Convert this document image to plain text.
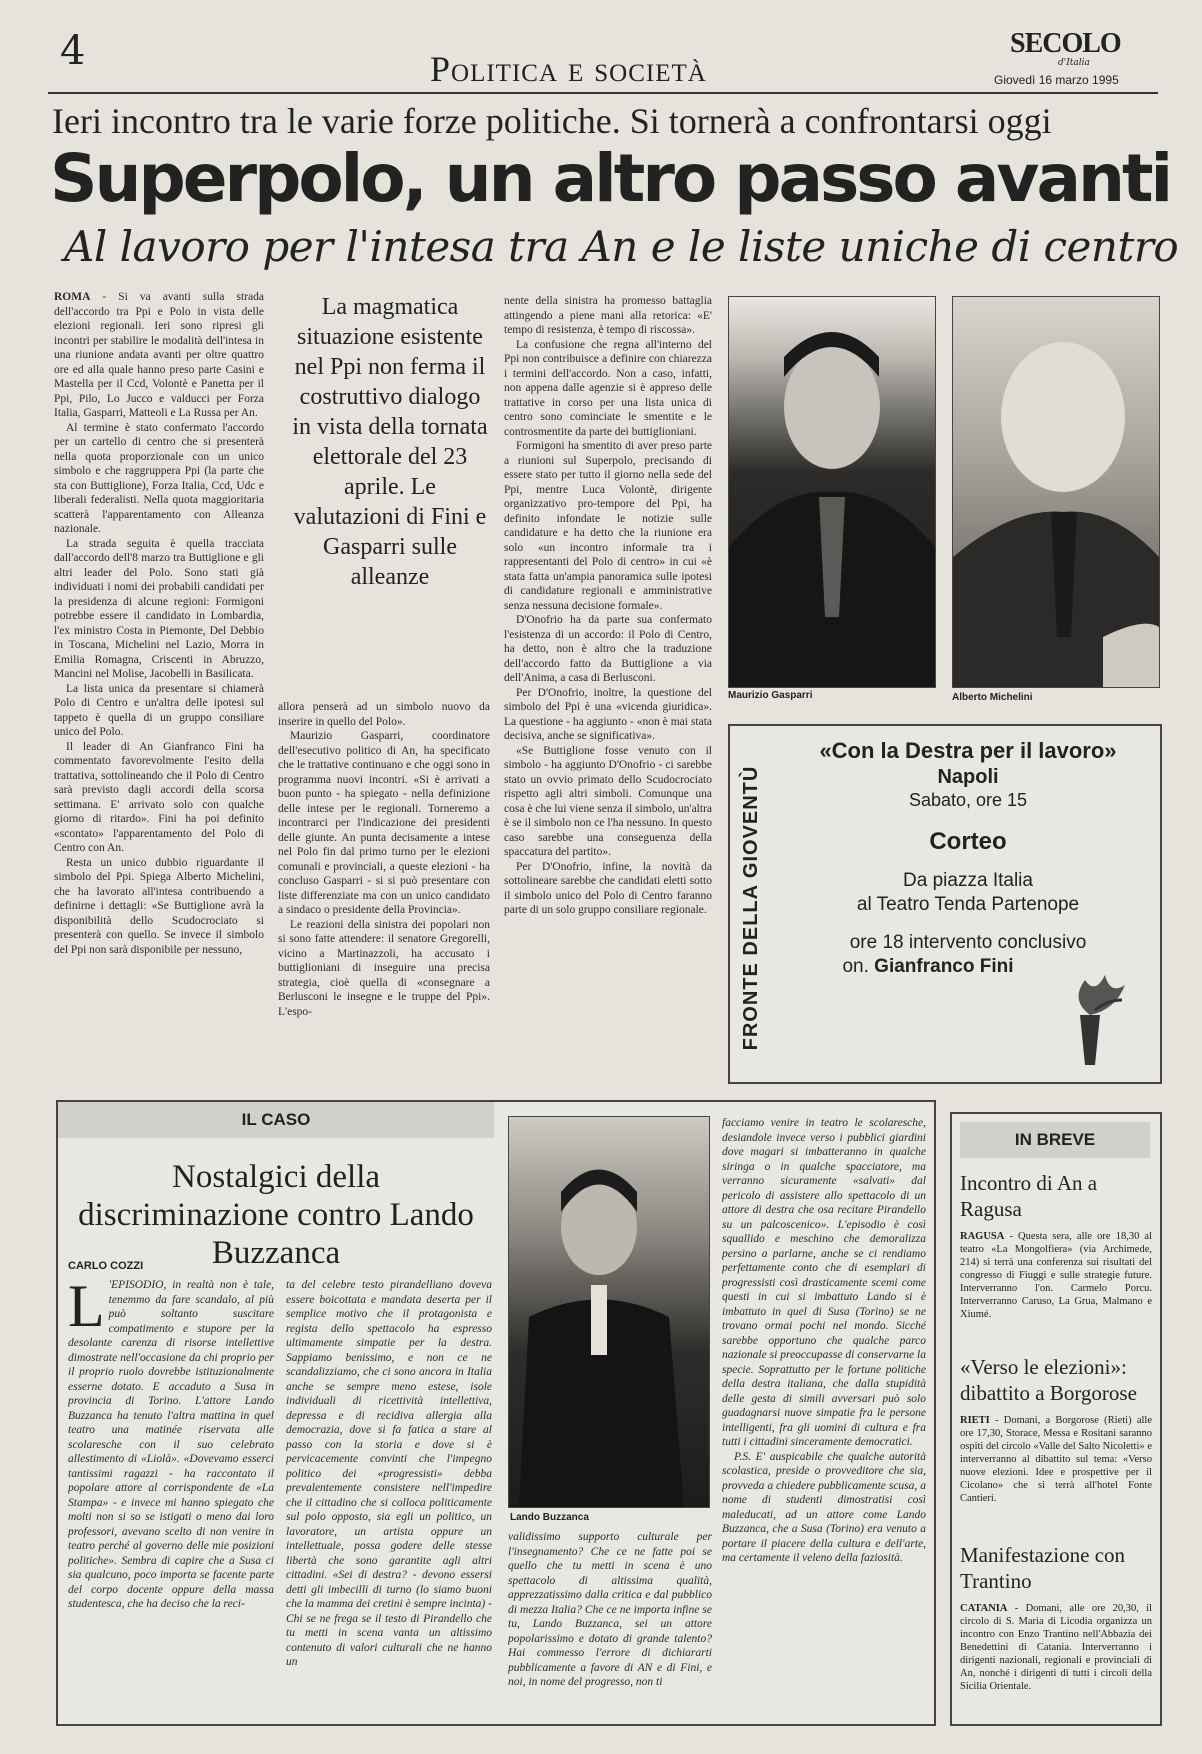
4	Politica e società
SECOLO
d'Italia
Giovedì 16 marzo 1995
Ieri incontro tra le varie forze politiche. Si tornerà a confrontarsi oggi
Superpolo, un altro passo avanti
Al lavoro per l'intesa tra An e le liste uniche di centro

ROMA - Si va avanti sulla strada dell'accordo tra Ppi e Polo in vista delle elezioni regionali. Ieri sono ripresi gli incontri per stabilire le modalità dell'intesa in una riunione andata avanti per oltre quattro ore ed alla quale hanno preso parte Casini e Mastella per il Ccd, Volontè e Panetta per il Ppi, Pilo, Lo Jucco e valducci per Forza Italia, Gasparri, Matteoli e La Russa per An.

Al termine è stato confermato l'accordo per un cartello di centro che si presenterà nella quota proporzionale con un unico simbolo e che raggruppera Ppi (la parte che sta con Buttiglione), Forza Italia, Ccd, Udc e liberali federalisti. Nella quota maggioritaria scatterà l'apparentamento con Alleanza nazionale.

La strada seguita è quella tracciata dall'accordo dell'8 marzo tra Buttiglione e gli altri leader del Polo. Sono stati già individuati i nomi dei probabili candidati per la presidenza di alcune regioni: Formigoni potrebbe essere il candidato in Lombardia, l'ex ministro Costa in Piemonte, Del Debbio in Toscana, Michelini nel Lazio, Morra in Emilia Romagna, Criscenti in Abruzzo, Mancini nel Molise, Jacobelli in Basilicata.

La lista unica da presentare si chiamerà Polo di Centro e un'altra delle ipotesi sul tappeto è quella di un gruppo consiliare unico del Polo.

Il leader di An Gianfranco Fini ha commentato favorevolmente l'esito della trattativa, sottolineando che il Polo di Centro sarà previsto dagli accordi della scorsa settimana. E' arrivato solo con qualche giorno di ritardo». Fini ha poi definito «scontato» l'apparentamento del Polo di Centro con An.

Resta un unico dubbio riguardante il simbolo del Ppi. Spiega Alberto Michelini, che ha lavorato all'intesa contribuendo a definirne i dettagli: «Se Buttiglione avrà la disponibilità dello Scudocrociato si presenterà con quello. Se invece il simbolo del Ppi non sarà disponibile per nessuno,

La magmatica situazione esistente nel Ppi non ferma il costruttivo dialogo in vista della tornata elettorale del 23 aprile. Le valutazioni di Fini e Gasparri sulle alleanze

allora penserà ad un simbolo nuovo da inserire in quello del Polo».

Maurizio Gasparri, coordinatore dell'esecutivo politico di An, ha specificato che le trattative continuano e che oggi sono in programma nuovi incontri. «Si è arrivati a buon punto - ha spiegato - nella definizione delle intese per le regionali. Torneremo a incontrarci per l'indicazione dei presidenti delle giunte. An punta decisamente a intese nel Polo fin dal primo turno per le elezioni comunali e provinciali, a queste elezioni - ha concluso Gasparri - si si può presentare con liste differenziate ma con un unico candidato a sindaco o presidente della Provincia».

Le reazioni della sinistra dei popolari non si sono fatte attendere: il senatore Gregorelli, vicino a Martinazzoli, ha accusato i buttiglioniani di inseguire una precisa strategia, cioè quella di «consegnare a Berlusconi le insegne e le truppe del Ppi». L'espo-

nente della sinistra ha promesso battaglia attingendo a piene mani alla retorica: «E' tempo di resistenza, è tempo di riscossa».

La confusione che regna all'interno del Ppi non contribuisce a definire con chiarezza i termini dell'accordo. Non a caso, infatti, non appena dalle agenzie si è appreso delle trattative in corso per una lista unica di centro sono cominciate le smentite e le controsmentite da parte dei buttiglioniani.

Formigoni ha smentito di aver preso parte a riunioni sul Superpolo, precisando di essere stato per tutto il giorno nella sede del Ppi, mentre Luca Volontè, dirigente organizzativo pro-tempore del Ppi, ha definito infondate le notizie sulle candidature e ha detto che la riunione era solo «un incontro informale tra i rappresentanti del Polo di centro» in cui «è stata fatta un'ampia panoramica sulle ipotesi di candidature regionali e amministrative senza nessuna decisione formale».

D'Onofrio ha da parte sua confermato l'esistenza di un accordo: il Polo di Centro, ha detto, non è altro che la traduzione dell'accordo fatto da Buttiglione a via dell'Anima, a casa di Berlusconi.

Per D'Onofrio, inoltre, la questione del simbolo del Ppi è una «vicenda giuridica». La questione - ha aggiunto - «non è mai stata decisiva, anche se significativa».

«Se Buttiglione fosse venuto con il simbolo - ha aggiunto D'Onofrio - ci sarebbe stato un ovvio primato dello Scudocrociato rispetto agli altri simboli. Comunque una cosa è che lui viene senza il simbolo, un'altra è se il simbolo non ce l'ha nessuno. In questo caso sarebbe una conseguenza della spaccatura del partito».

Per D'Onofrio, infine, la novità da sottolineare sarebbe che candidati eletti sotto il simbolo unico del Polo di Centro faranno parte di un solo gruppo consiliare regionale.

Maurizio Gasparri	Alberto Michelini
FRONTE DELLA GIOVENTÙ
«Con la Destra per il lavoro»
Napoli
Sabato, ore 15
Corteo
Da piazza Italia
al Teatro Tenda Partenope
ore 18 intervento conclusivo
on. Gianfranco Fini
IL CASO
Nostalgici della discriminazione contro Lando Buzzanca
CARLO COZZI
L 'EPISODIO, in realtà non è tale, tenemmo da fare scandalo, al più può soltanto suscitare compatimento e stupore per la desolante carenza di risorse intellettive dimostrate nell'occasione da chi proprio per il proprio ruolo dovrebbe istituzionalmente esserne dotato. E accaduto a Susa in provincia di Torino. L'attore Lando Buzzanca ha tenuto l'altra mattina in quel teatro una matinée riservata alle scolaresche con il suo celebrato allestimento di «Liolà». «Dovevamo esserci tantissimi ragazzi - ha raccontato il popolare attore al corrispondente de «La Stampa» - e invece mi hanno spiegato che molti non si so se istigati o meno dai loro professori, avevano scelto di non venire in teatro perché al governo delle mie posizioni politiche». Sembra di capire che a Susa ci sia qualcuno, poco importa se facente parte del corpo docente oppure della massa studentesca, che ha deciso che la reci-
ta del celebre testo pirandelliano doveva essere boicottata e mandata deserta per il semplice motivo che il protagonista e regista dello spettacolo ha espresso ultimamente simpatie per la destra. Sappiamo benissimo, e non ce ne scandalizziamo, che ci sono ancora in Italia anche se sempre meno estese, isole individuali di ricettività intellettiva, depressa e di recidiva allergia alla democrazia, dove si fa fatica a stare al passo con la storia e dove si è pervicacemente convinti che l'impegno politico dei «progressisti» debba prevalentemente consistere nell'impedire che il cittadino che si colloca politicamente sul polo opposto, sia egli un politico, un lavoratore, un artista oppure un intellettuale, possa godere delle stesse libertà che sono garantite agli altri cittadini. «Sei di destra? - devono essersi detti gli imbecilli di turno (lo siamo buoni che la mamma dei cretini è sempre incinta) - Chi se ne frega se il testo di Pirandello che tu metti in scena vanta un altissimo contenuto di valori culturali che ne hanno un
Lando Buzzanca
validissimo supporto culturale per l'insegnamento? Che ce ne fatte poi se quello che tu metti in scena è uno spettacolo di altissima qualità, apprezzatissimo dalla critica e dal pubblico di mezza Italia? Che ce ne importa infine se tu, Lando Buzzanca, sei un attore popolarissimo e dotato di grande talento? Hai commesso l'errore di dichiararti pubblicamente a favore di AN e di Fini, e noi, in nome del progresso, non ti

facciamo venire in teatro le scolaresche, desiandole invece verso i pubblici giardini dove magari si imbatteranno in qualche siringa o in qualche spacciatore, ma verranno sicuramente «salvati» dal pericolo di assistere allo spettacolo di un attore di destra che osa recitare Pirandello su un palcoscenico». L'episodio è così squallido e meschino che demoralizza persino a parlarne, anche se ci rendiamo perfettamente conto che di esemplari di progressisti così drasticamente scemi come questi in cui si imbattuto Lando si è imbattuto in quel di Susa (Torino) se ne trovano ormai pochi nel mondo. Sicché sarebbe opportuno che qualche parco nazionale si preoccupasse di conservarne la specie. Soprattutto per le fortune politiche della destra italiana, che dalla stupidità delle gesta di simili avversari può solo guadagnarsi nuove simpatie fra le persone intelligenti, fra gli uomini di cultura e fra tutti i cittadini sinceramente democratici.

P.S. E' auspicabile che qualche autorità scolastica, preside o provveditore che sia, provveda a chiedere pubblicamente scusa, a nome di studenti dimostratisi così maleducati, ad un attore come Lando Buzzanca, che a Susa (Torino) era venuto a portare il piacere della cultura e dell'arte, ma certamente il veleno della faziosità.

IN BREVE
Incontro di An a Ragusa
RAGUSA - Questa sera, alle ore 18,30 al teatro «La Mongolfiera» (via Archimede, 214) si terrà una conferenza sui risultati del congresso di Fiuggi e sulle strategie future. Interverranno l'on. Carmelo Porcu. Interverranno Caruso, La Grua, Malmano e Xiumé.
«Verso le elezioni»: dibattito a Borgorose
RIETI - Domani, a Borgorose (Rieti) alle ore 17,30, Storace, Messa e Rositani saranno ospiti del circolo «Valle del Salto Nicoletti» e interverranno al dibattito sul tema: «Verso nuove elezioni. Idee e prospettive per il Cicolano» che si terrà all'hotel Fonte Cantieri.
Manifestazione con Trantino
CATANIA - Domani, alle ore 20,30, il circolo di S. Maria di Licodia organizza un incontro con Enzo Trantino nell'Abbazia dei Benedettini di Catania. Interverranno i dirigenti nazionali, regionali e provinciali di An, nonché i dirigenti di tutti i circoli della Sicilia Orientale.
